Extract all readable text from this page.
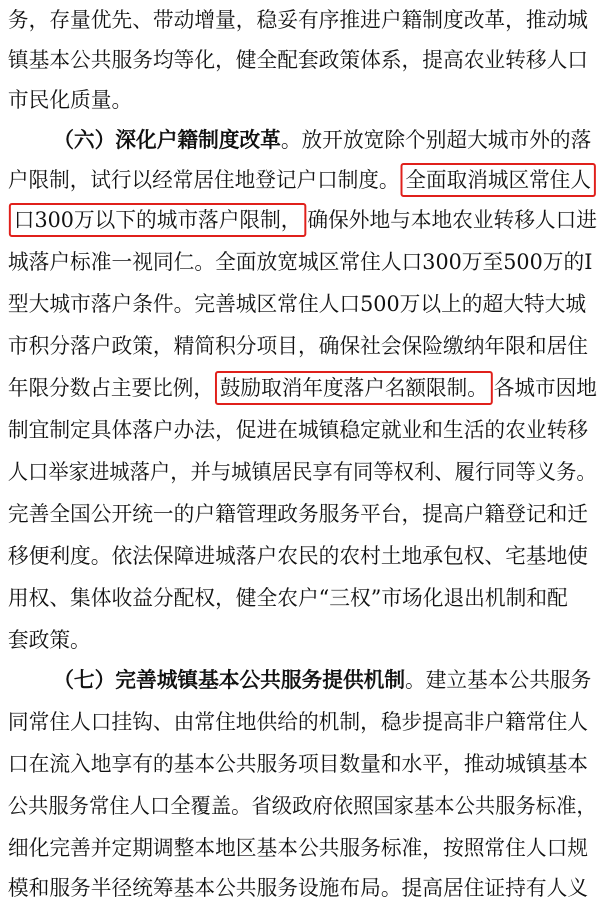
务，存量优先、带动增量，稳妥有序推进户籍制度改革，推动城
镇基本公共服务均等化，健全配套政策体系，提高农业转移人口
市民化质量。
（六）深化户籍制度改革。放开放宽除个别超大城市外的落
户限制，试行以经常居住地登记户口制度。 全面取消城区常住人
口300万以下的城市落户限制， 确保外地与本地农业转移人口进
城落户标准一视同仁。全面放宽城区常住人口300万至500万的I
型大城市落户条件。完善城区常住人口500万以上的超大特大城
市积分落户政策，精简积分项目，确保社会保险缴纳年限和居住
年限分数占主要比例， 鼓励取消年度落户名额限制。 各城市因地
制宜制定具体落户办法，促进在城镇稳定就业和生活的农业转移
人口举家进城落户，并与城镇居民享有同等权利、履行同等义务。
完善全国公开统一的户籍管理政务服务平台，提高户籍登记和迁
移便利度。依法保障进城落户农民的农村土地承包权、宅基地使
用权、集体收益分配权，健全农户“三权”市场化退出机制和配
套政策。
（七）完善城镇基本公共服务提供机制。建立基本公共服务
同常住人口挂钩、由常住地供给的机制，稳步提高非户籍常住人
口在流入地享有的基本公共服务项目数量和水平，推动城镇基本
公共服务常住人口全覆盖。省级政府依照国家基本公共服务标准，
细化完善并定期调整本地区基本公共服务标准，按照常住人口规
模和服务半径统筹基本公共服务设施布局。提高居住证持有人义
